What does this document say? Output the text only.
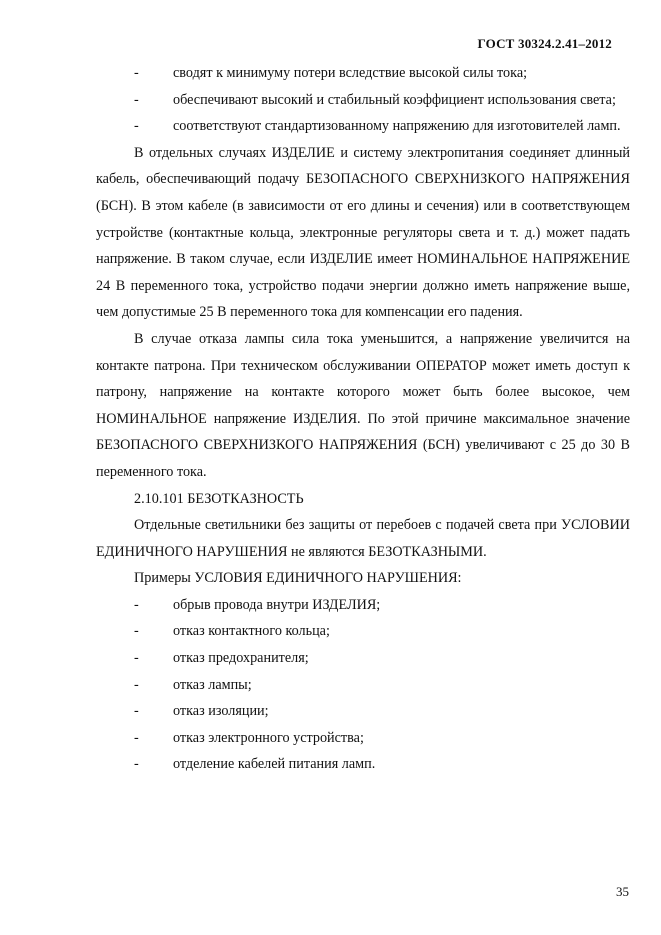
ГОСТ 30324.2.41–2012
- сводят к минимуму потери вследствие высокой силы тока;
-	обеспечивают высокий и стабильный коэффициент использования света;
-	соответствуют стандартизованному напряжению для изготовителей ламп.
В отдельных случаях ИЗДЕЛИЕ и систему электропитания соединяет длинный кабель, обеспечивающий подачу БЕЗОПАСНОГО СВЕРХНИЗКОГО НАПРЯЖЕНИЯ (БСН). В этом кабеле (в зависимости от его длины и сечения) или в соответствующем устройстве (контактные кольца, электронные регуляторы света и т. д.) может падать напряжение. В таком случае, если ИЗДЕЛИЕ имеет НОМИНАЛЬНОЕ НАПРЯЖЕНИЕ 24 В переменного тока, устройство подачи энергии должно иметь напряжение выше, чем допустимые 25 В переменного тока для компенсации его падения.
В случае отказа лампы сила тока уменьшится, а напряжение увеличится на контакте патрона. При техническом обслуживании ОПЕРАТОР может иметь доступ к патрону, напряжение на контакте которого может быть более высокое, чем НОМИНАЛЬНОЕ напряжение ИЗДЕЛИЯ. По этой причине максимальное значение БЕЗОПАСНОГО СВЕРХНИЗКОГО НАПРЯЖЕНИЯ (БСН) увеличивают с 25 до 30 В переменного тока.
2.10.101 БЕЗОТКАЗНОСТЬ
Отдельные светильники без защиты от перебоев с подачей света при УСЛОВИИ ЕДИНИЧНОГО НАРУШЕНИЯ не являются БЕЗОТКАЗНЫМИ.
Примеры УСЛОВИЯ ЕДИНИЧНОГО НАРУШЕНИЯ:
- обрыв провода внутри ИЗДЕЛИЯ;
- отказ контактного кольца;
- отказ предохранителя;
- отказ лампы;
- отказ изоляции;
- отказ электронного устройства;
- отделение кабелей питания ламп.
35
